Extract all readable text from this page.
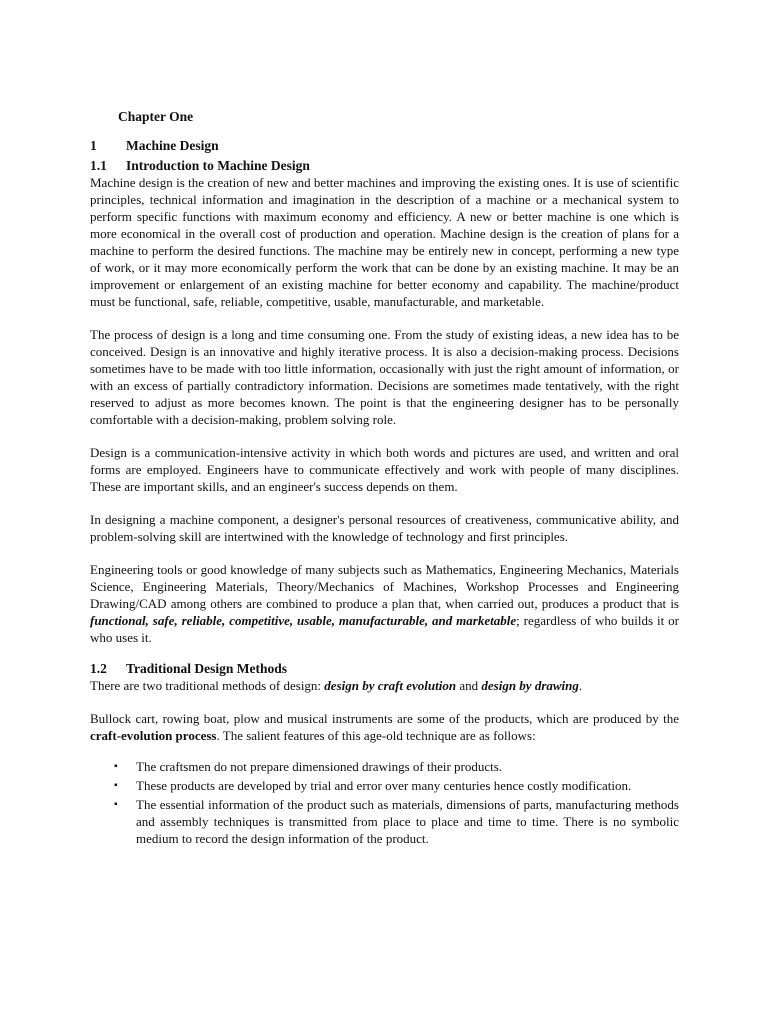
Chapter One
1	Machine Design
1.1	Introduction to Machine Design

Machine design is the creation of new and better machines and improving the existing ones. It is use of scientific principles, technical information and imagination in the description of a machine or a mechanical system to perform specific functions with maximum economy and efficiency. A new or better machine is one which is more economical in the overall cost of production and operation. Machine design is the creation of plans for a machine to perform the desired functions. The machine may be entirely new in concept, performing a new type of work, or it may more economically perform the work that can be done by an existing machine. It may be an improvement or enlargement of an existing machine for better economy and capability. The machine/product must be functional, safe, reliable, competitive, usable, manufacturable, and marketable.

The process of design is a long and time consuming one. From the study of existing ideas, a new idea has to be conceived. Design is an innovative and highly iterative process. It is also a decision-making process. Decisions sometimes have to be made with too little information, occasionally with just the right amount of information, or with an excess of partially contradictory information. Decisions are sometimes made tentatively, with the right reserved to adjust as more becomes known. The point is that the engineering designer has to be personally comfortable with a decision-making, problem solving role.

Design is a communication-intensive activity in which both words and pictures are used, and written and oral forms are employed. Engineers have to communicate effectively and work with people of many disciplines. These are important skills, and an engineer's success depends on them.

In designing a machine component, a designer's personal resources of creativeness, communicative ability, and problem-solving skill are intertwined with the knowledge of technology and first principles.

Engineering tools or good knowledge of many subjects such as Mathematics, Engineering Mechanics, Materials Science, Engineering Materials, Theory/Mechanics of Machines, Workshop Processes and Engineering Drawing/CAD among others are combined to produce a plan that, when carried out, produces a product that is functional, safe, reliable, competitive, usable, manufacturable, and marketable; regardless of who builds it or who uses it.

1.2	Traditional Design Methods

There are two traditional methods of design: design by craft evolution and design by drawing.

Bullock cart, rowing boat, plow and musical instruments are some of the products, which are produced by the craft-evolution process. The salient features of this age-old technique are as follows:

▪ The craftsmen do not prepare dimensioned drawings of their products.
▪ These products are developed by trial and error over many centuries hence costly modification.
▪ The essential information of the product such as materials, dimensions of parts, manufacturing methods and assembly techniques is transmitted from place to place and time to time. There is no symbolic medium to record the design information of the product.
